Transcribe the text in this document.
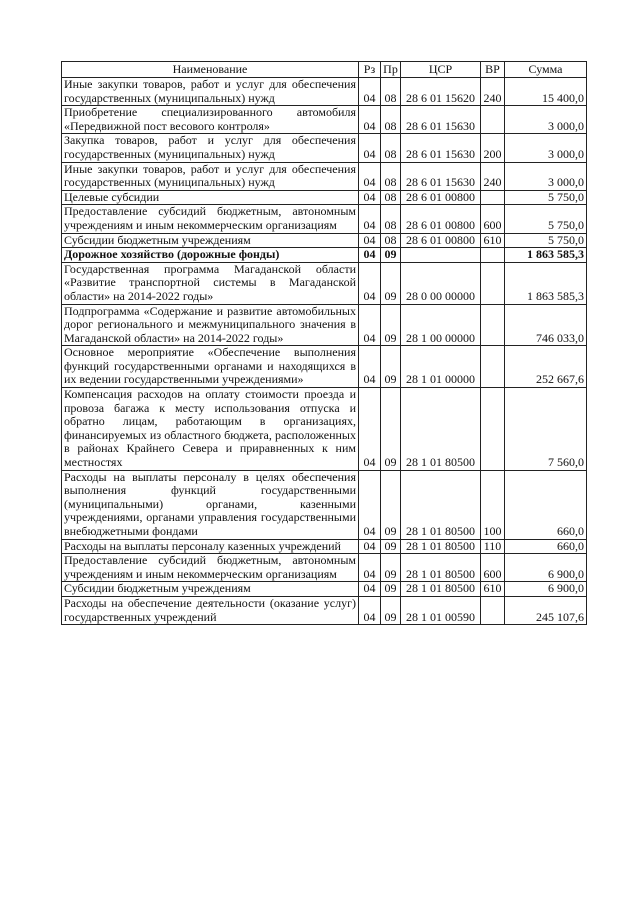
Наименование	Рз	Пр	ЦСР	ВР	Сумма
Иные закупки товаров, работ и услуг для обеспечения государственных (муниципальных) нужд	04	08	28 6 01 15620	240	15 400,0
Приобретение специализированного автомобиля «Передвижной пост весового контроля»	04	08	28 6 01 15630		3 000,0
Закупка товаров, работ и услуг для обеспечения государственных (муниципальных) нужд	04	08	28 6 01 15630	200	3 000,0
Иные закупки товаров, работ и услуг для обеспечения государственных (муниципальных) нужд	04	08	28 6 01 15630	240	3 000,0
Целевые субсидии	04	08	28 6 01 00800		5 750,0
Предоставление субсидий бюджетным, автономным учреждениям и иным некоммерческим организациям	04	08	28 6 01 00800	600	5 750,0
Субсидии бюджетным учреждениям	04	08	28 6 01 00800	610	5 750,0
Дорожное хозяйство (дорожные фонды)	04	09			1 863 585,3
Государственная программа Магаданской области «Развитие транспортной системы в Магаданской области» на 2014-2022 годы»	04	09	28 0 00 00000		1 863 585,3
Подпрограмма «Содержание и развитие автомобильных дорог регионального и межмуниципального значения в Магаданской области» на 2014-2022 годы»	04	09	28 1 00 00000		746 033,0
Основное мероприятие «Обеспечение выполнения функций государственными органами и находящихся в их ведении государственными учреждениями»	04	09	28 1 01 00000		252 667,6
Компенсация расходов на оплату стоимости проезда и провоза багажа к месту использования отпуска и обратно лицам, работающим в организациях, финансируемых из областного бюджета, расположенных в районах Крайнего Севера и приравненных к ним местностях	04	09	28 1 01 80500		7 560,0
Расходы на выплаты персоналу в целях обеспечения выполнения функций государственными (муниципальными) органами, казенными учреждениями, органами управления государственными внебюджетными фондами	04	09	28 1 01 80500	100	660,0
Расходы на выплаты персоналу казенных учреждений	04	09	28 1 01 80500	110	660,0
Предоставление субсидий бюджетным, автономным учреждениям и иным некоммерческим организациям	04	09	28 1 01 80500	600	6 900,0
Субсидии бюджетным учреждениям	04	09	28 1 01 80500	610	6 900,0
Расходы на обеспечение деятельности (оказание услуг) государственных учреждений	04	09	28 1 01 00590		245 107,6
